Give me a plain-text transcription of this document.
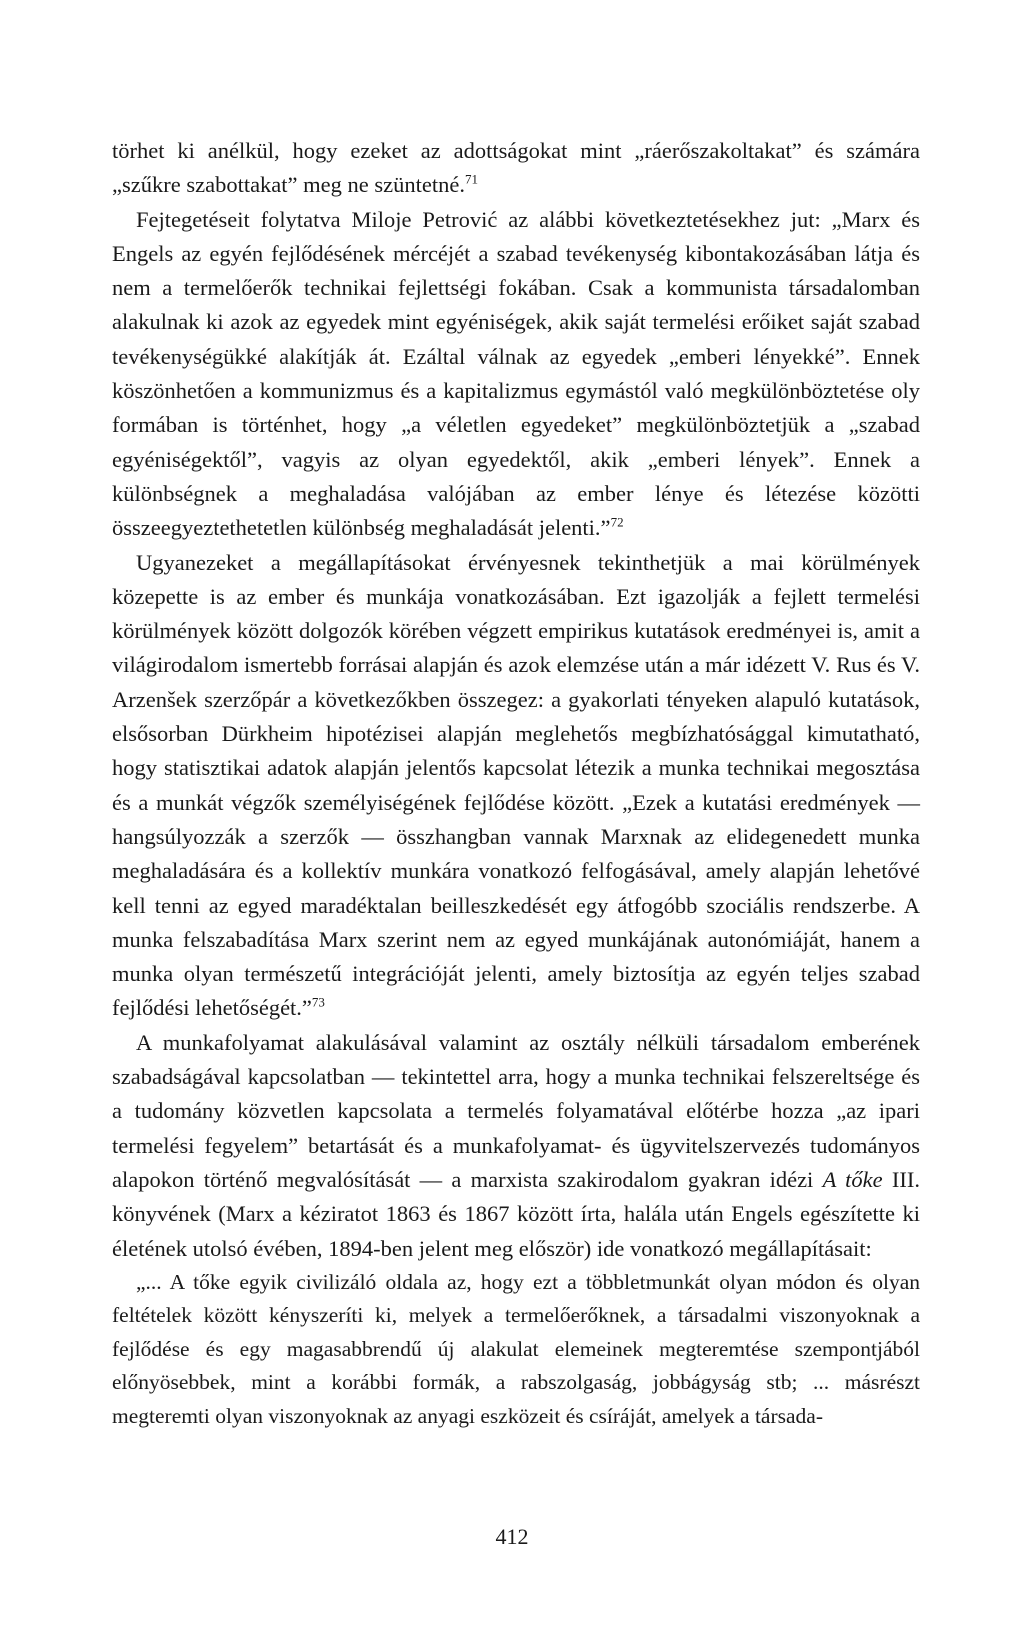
törhet ki anélkül, hogy ezeket az adottságokat mint „ráerőszakoltakat” és számára „szűkre szabottakat” meg ne szüntetné.$^{71}$

Fejtegetéseit folytatva Miloje Petrović az alábbi következtetésekhez jut: „Marx és Engels az egyén fejlődésének mércéjét a szabad tevékenység kibontakozásában látja és nem a termelőerők technikai fejlettségi fokában. Csak a kommunista társadalomban alakulnak ki azok az egyedek mint egyéniségek, akik saját termelési erőiket saját szabad tevékenységükké alakítják át. Ezáltal válnak az egyedek „emberi lényekké”. Ennek köszönhetően a kommunizmus és a kapitalizmus egymástól való megkülönböztetése oly formában is történhet, hogy „a véletlen egyedeket” megkülönböztetjük a „szabad egyéniségektől”, vagyis az olyan egyedektől, akik „emberi lények”. Ennek a különbségnek a meghaladása valójában az ember lénye és létezése közötti összeegyeztethetetlen különbség meghaladását jelenti.”$^{72}$

Ugyanezeket a megállapításokat érvényesnek tekinthetjük a mai körülmények közepette is az ember és munkája vonatkozásában. Ezt igazolják a fejlett termelési körülmények között dolgozók körében végzett empirikus kutatások eredményei is, amit a világirodalom ismertebb forrásai alapján és azok elemzése után a már idézett V. Rus és V. Arzenšek szerzőpár a következőkben összegez: a gyakorlati tényeken alapuló kutatások, elsősorban Dürkheim hipotézisei alapján meglehetős megbízhatósággal kimutatható, hogy statisztikai adatok alapján jelentős kapcsolat létezik a munka technikai megosztása és a munkát végzők személyiségének fejlődése között. „Ezek a kutatási eredmények — hangsúlyozzák a szerzők — összhangban vannak Marxnak az elidegenedett munka meghaladására és a kollektív munkára vonatkozó felfogásával, amely alapján lehetővé kell tenni az egyed maradéktalan beilleszkedését egy átfogóbb szociális rendszerbe. A munka felszabadítása Marx szerint nem az egyed munkájának autonómiáját, hanem a munka olyan természetű integrációját jelenti, amely biztosítja az egyén teljes szabad fejlődési lehetőségét.”$^{73}$

A munkafolyamat alakulásával valamint az osztály nélküli társadalom emberének szabadságával kapcsolatban — tekintettel arra, hogy a munka technikai felszereltsége és a tudomány közvetlen kapcsolata a termelés folyamatával előtérbe hozza „az ipari termelési fegyelem” betartását és a munkafolyamat- és ügyvitelszervezés tudományos alapokon történő megvalósítását — a marxista szakirodalom gyakran idézi A tőke III. könyvének (Marx a kéziratot 1863 és 1867 között írta, halála után Engels egészítette ki életének utolsó évében, 1894-ben jelent meg először) ide vonatkozó megállapításait:

„... A tőke egyik civilizáló oldala az, hogy ezt a többletmunkát olyan módon és olyan feltételek között kényszeríti ki, melyek a termelőerőknek, a társadalmi viszonyoknak a fejlődése és egy magasabbrendű új alakulat elemeinek megteremtése szempontjából előnyösebbek, mint a korábbi formák, a rabszolgaság, jobbágyság stb; ... másrészt megteremti olyan viszonyoknak az anyagi eszközeit és csíráját, amelyek a társada-

412
